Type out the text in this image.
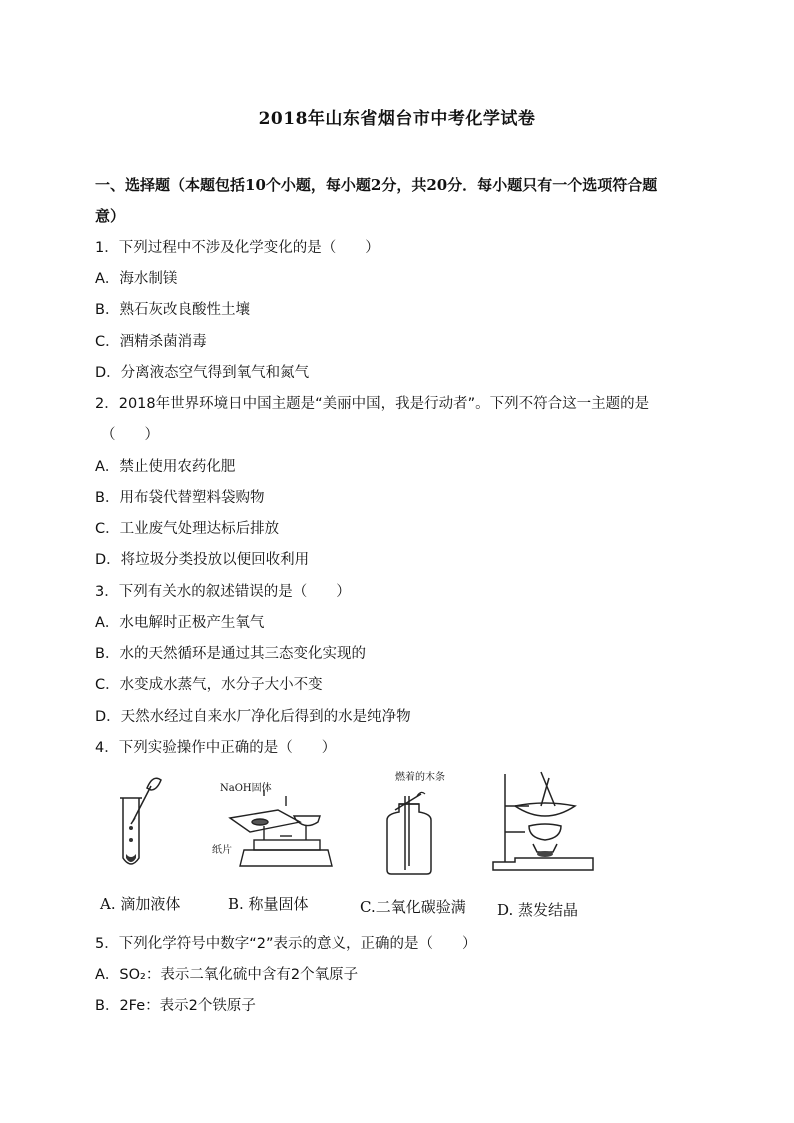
2018年山东省烟台市中考化学试卷
一、选择题（本题包括10个小题，每小题2分，共20分．每小题只有一个选项符合题
意）
1．下列过程中不涉及化学变化的是（　　）
A．海水制镁
B．熟石灰改良酸性土壤
C．酒精杀菌消毒
D．分离液态空气得到氧气和氮气
2．2018年世界环境日中国主题是“美丽中国，我是行动者”。下列不符合这一主题的是
（　　）
A．禁止使用农药化肥
B．用布袋代替塑料袋购物
C．工业废气处理达标后排放
D．将垃圾分类投放以便回收利用
3．下列有关水的叙述错误的是（　　）
A．水电解时正极产生氧气
B．水的天然循环是通过其三态变化实现的
C．水变成水蒸气，水分子大小不变
D．天然水经过自来水厂净化后得到的水是纯净物
4．下列实验操作中正确的是（　　）
A. 滴加液体
NaOH固体
纸片
B. 称量固体
燃着的木条
C.二氧化碳验满 D. 蒸发结晶
5．下列化学符号中数字“2”表示的意义，正确的是（　　）
A．SO₂：表示二氧化硫中含有2个氧原子
B．2Fe：表示2个铁原子
